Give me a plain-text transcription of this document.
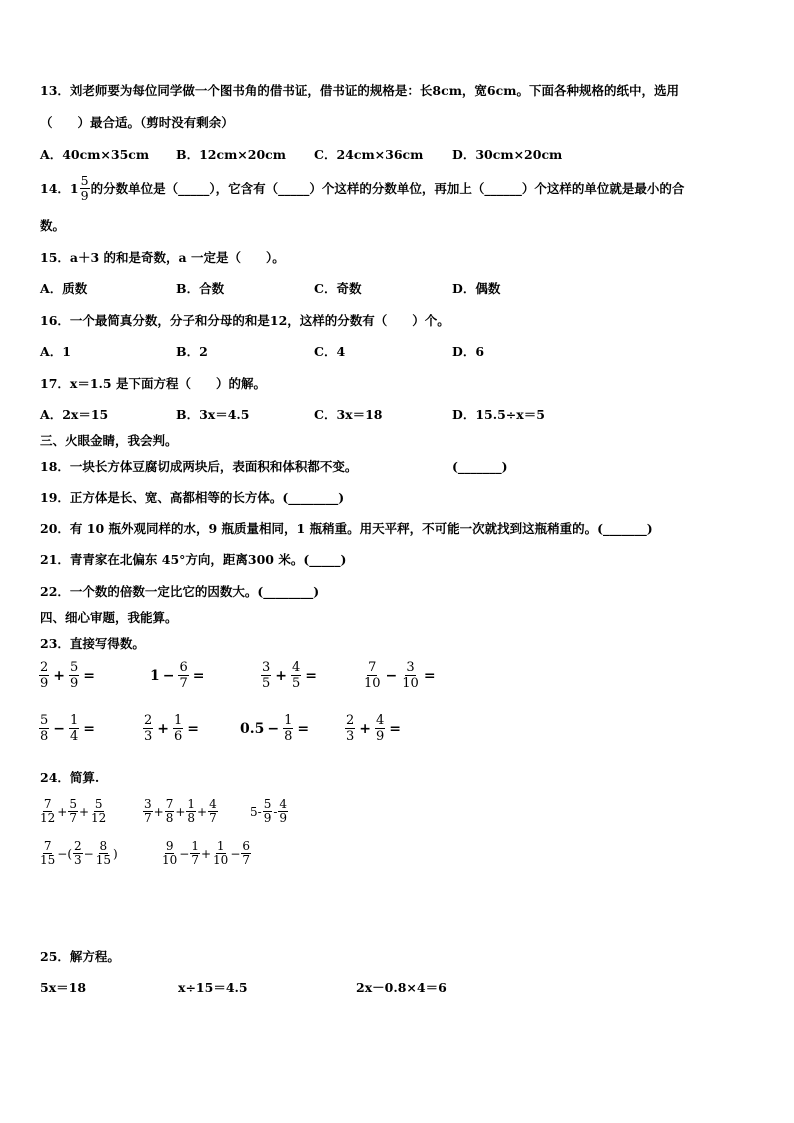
13．刘老师要为每位同学做一个图书角的借书证，借书证的规格是：长8cm，宽6cm。下面各种规格的纸中，选用
（　　）最合适。（剪时没有剩余）
A．40cm×35cm B．12cm×20cm C．24cm×36cm D．30cm×20cm
14． $1 \frac{5}{9}$ 的分数单位是（_____），它含有（_____）个这样的分数单位，再加上（______）个这样的单位就是最小的合
数。
15．a＋3 的和是奇数，a 一定是（　　）。
A．质数	B．合数	C．奇数	D．偶数
16．一个最简真分数，分子和分母的和是12，这样的分数有（　　）个。
A．1	B．2	C．4	D．6
17．x＝1.5 是下面方程（　　）的解。
A．2x＝15	B．3x＝4.5	C．3x＝18	D．15.5÷x＝5
三、火眼金睛，我会判。
18．一块长方体豆腐切成两块后，表面积和体积都不变。	(_______)
19．正方体是长、宽、高都相等的长方体。(________)
20．有 10 瓶外观同样的水，9 瓶质量相同，1 瓶稍重。用天平秤，不可能一次就找到这瓶稍重的。(_______)
21．青青家在北偏东 45°方向，距离300 米。(_____)
22．一个数的倍数一定比它的因数大。(________)
四、细心审题，我能算。
23．直接写得数。
$\frac{2}{9} + \frac{5}{9}$ =	$1 - \frac{6}{7}$ =	$\frac{3}{5} + \frac{4}{5}$ =	$\frac{7}{10} - \frac{3}{10}$ =
$\frac{5}{8} - \frac{1}{4}$ =	$\frac{2}{3} + \frac{1}{6}$ =	$0.5 - \frac{1}{8}$ =	$\frac{2}{3} + \frac{4}{9}$ =
24．简算.
$\frac{7}{12} + \frac{5}{7} + \frac{5}{12}$	$\frac{3}{7} + \frac{7}{8} + \frac{1}{8} + \frac{4}{7}$	$5- \frac{5}{9} - \frac{4}{9}$
$\frac{7}{15}$ −( $\frac{2}{3} - \frac{8}{15}$ )	$\frac{9}{10} - \frac{1}{7} + \frac{1}{10} - \frac{6}{7}$
25．解方程。
5x＝18	x÷15＝4.5	2x－0.8×4＝6
